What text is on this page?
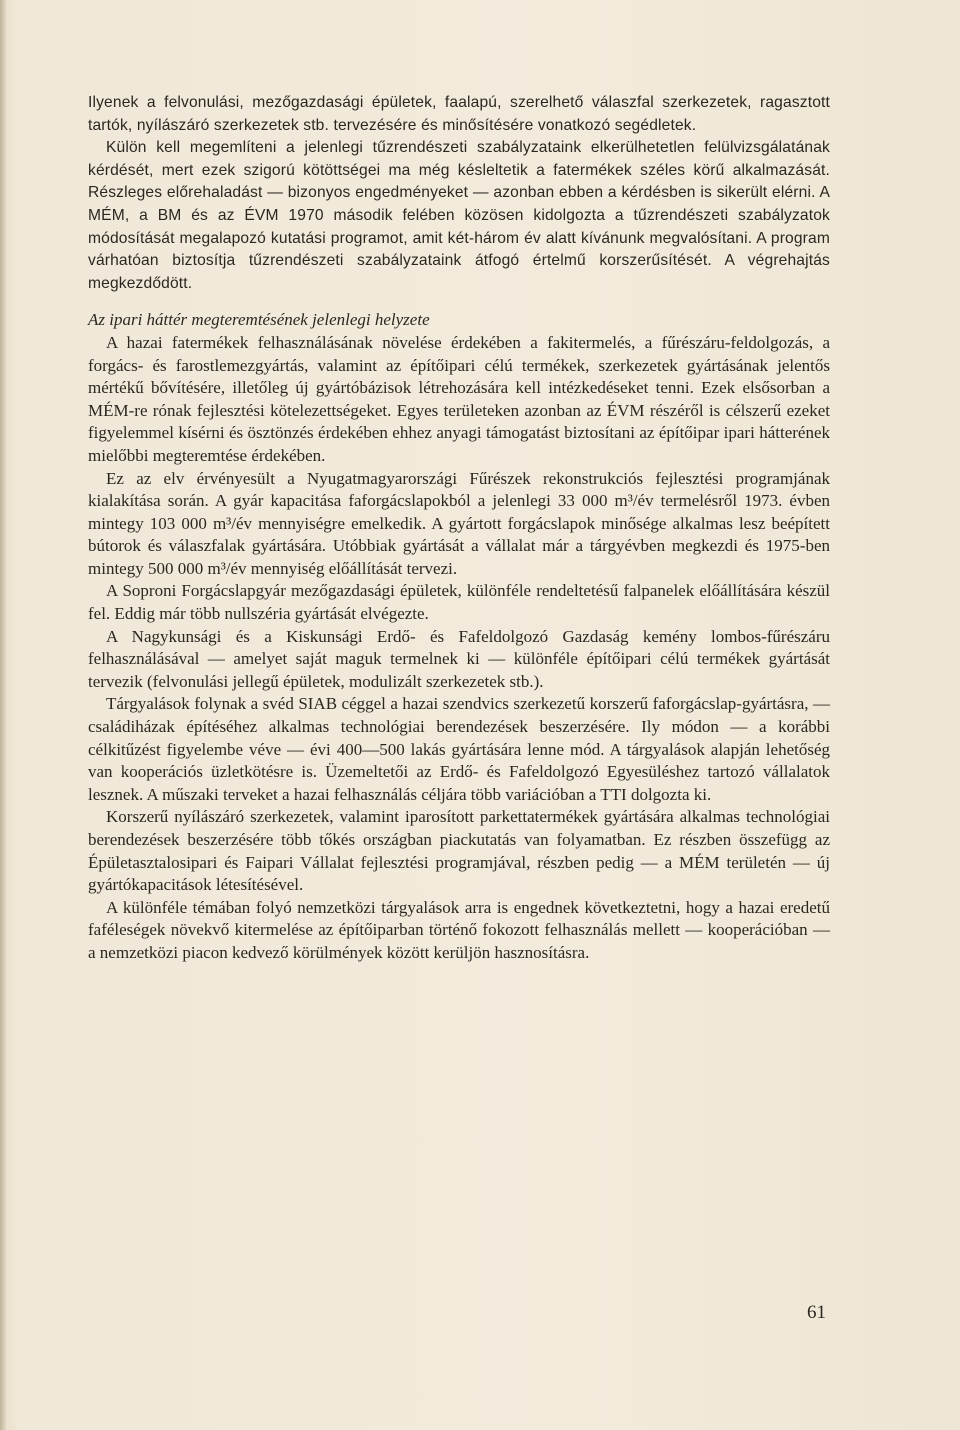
Ilyenek a felvonulási, mezőgazdasági épületek, faalapú, szerelhető válaszfal szerkezetek, ragasztott tartók, nyílászáró szerkezetek stb. tervezésére és minősítésére vonatkozó segédletek.

Külön kell megemlíteni a jelenlegi tűzrendészeti szabályzataink elkerülhetetlen felülvizsgálatának kérdését, mert ezek szigorú kötöttségei ma még késleltetik a fatermékek széles körű alkalmazását. Részleges előrehaladást — bizonyos engedményeket — azonban ebben a kérdésben is sikerült elérni. A MÉM, a BM és az ÉVM 1970 második felében közösen kidolgozta a tűzrendészeti szabályzatok módosítását megalapozó kutatási programot, amit két-három év alatt kívánunk megvalósítani. A program várhatóan biztosítja tűzrendészeti szabályzataink átfogó értelmű korszerűsítését. A végrehajtás megkezdődött.

Az ipari háttér megteremtésének jelenlegi helyzete

A hazai fatermékek felhasználásának növelése érdekében a fakitermelés, a fűrészáru-feldolgozás, a forgács- és farostlemezgyártás, valamint az építőipari célú termékek, szerkezetek gyártásának jelentős mértékű bővítésére, illetőleg új gyártóbázisok létrehozására kell intézkedéseket tenni. Ezek elsősorban a MÉM-re rónak fejlesztési kötelezettségeket. Egyes területeken azonban az ÉVM részéről is célszerű ezeket figyelemmel kísérni és ösztönzés érdekében ehhez anyagi támogatást biztosítani az építőipar ipari hátterének mielőbbi megteremtése érdekében.

Ez az elv érvényesült a Nyugatmagyarországi Fűrészek rekonstrukciós fejlesztési programjának kialakítása során. A gyár kapacitása faforgácslapokból a jelenlegi 33 000 m³/év termelésről 1973. évben mintegy 103 000 m³/év mennyiségre emelkedik. A gyártott forgácslapok minősége alkalmas lesz beépített bútorok és válaszfalak gyártására. Utóbbiak gyártását a vállalat már a tárgyévben megkezdi és 1975-ben mintegy 500 000 m³/év mennyiség előállítását tervezi.

A Soproni Forgácslapgyár mezőgazdasági épületek, különféle rendeltetésű falpanelek előállítására készül fel. Eddig már több nullszéria gyártását elvégezte.

A Nagykunsági és a Kiskunsági Erdő- és Fafeldolgozó Gazdaság kemény lombos-fűrészáru felhasználásával — amelyet saját maguk termelnek ki — különféle építőipari célú termékek gyártását tervezik (felvonulási jellegű épületek, modulizált szerkezetek stb.).

Tárgyalások folynak a svéd SIAB céggel a hazai szendvics szerkezetű korszerű faforgácslap-gyártásra, — családiházak építéséhez alkalmas technológiai berendezések beszerzésére. Ily módon — a korábbi célkitűzést figyelembe véve — évi 400—500 lakás gyártására lenne mód. A tárgyalások alapján lehetőség van kooperációs üzletkötésre is. Üzemeltetői az Erdő- és Fafeldolgozó Egyesüléshez tartozó vállalatok lesznek. A műszaki terveket a hazai felhasználás céljára több variációban a TTI dolgozta ki.

Korszerű nyílászáró szerkezetek, valamint iparosított parkettatermékek gyártására alkalmas technológiai berendezések beszerzésére több tőkés országban piackutatás van folyamatban. Ez részben összefügg az Épületasztalosipari és Faipari Vállalat fejlesztési programjával, részben pedig — a MÉM területén — új gyártókapacitások létesítésével.

A különféle témában folyó nemzetközi tárgyalások arra is engednek következtetni, hogy a hazai eredetű faféleségek növekvő kitermelése az építőiparban történő fokozott felhasználás mellett — kooperációban — a nemzetközi piacon kedvező körülmények között kerüljön hasznosításra.

61
